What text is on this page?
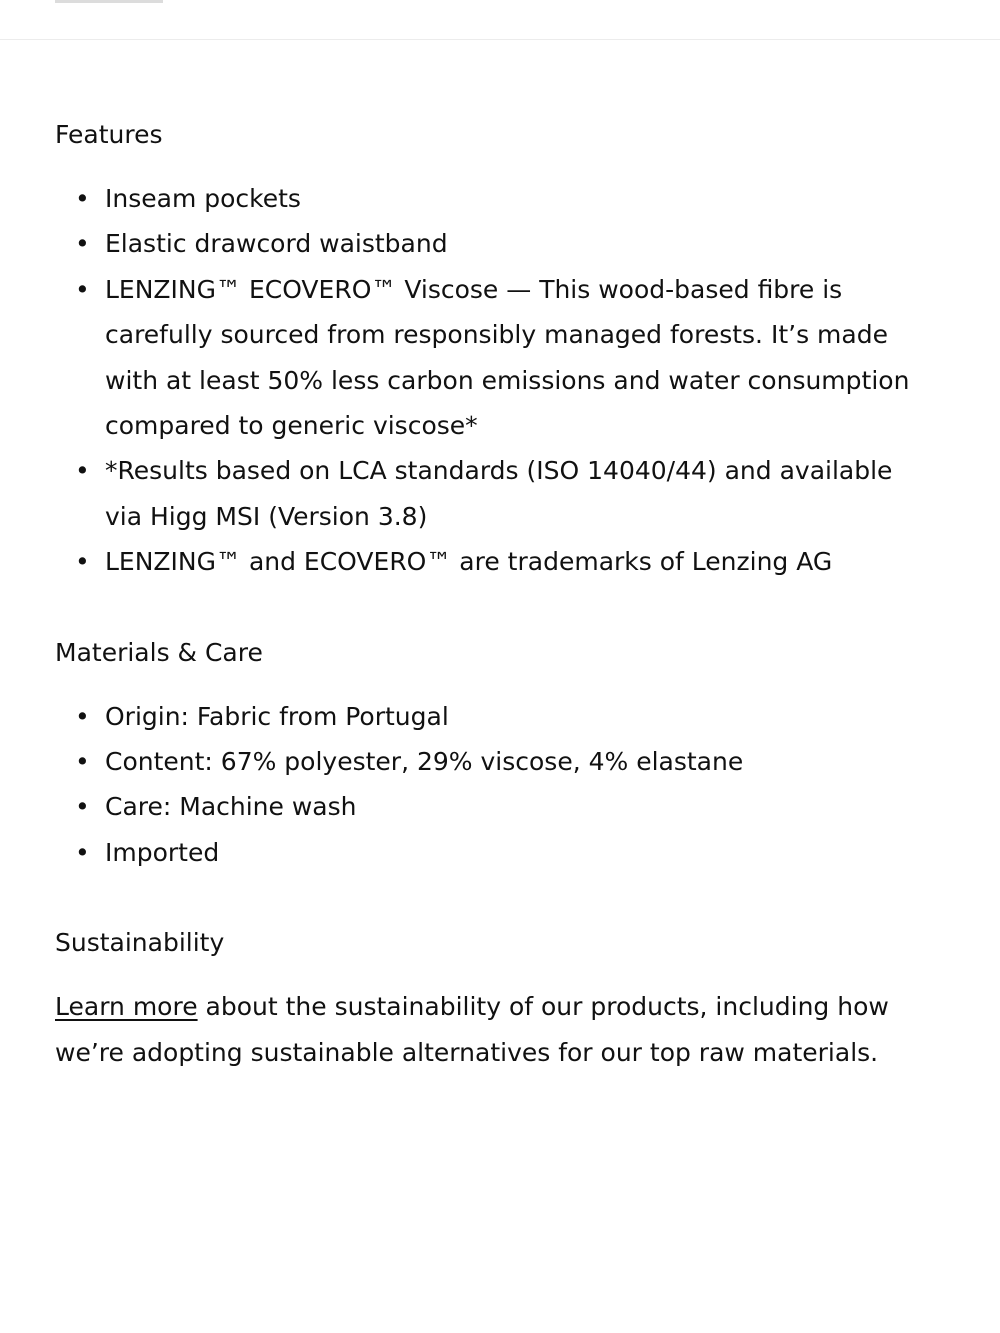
Features
• Inseam pockets
• Elastic drawcord waistband
• LENZING™ ECOVERO™ Viscose — This wood-based fibre is carefully sourced from responsibly managed forests. It’s made with at least 50% less carbon emissions and water consumption compared to generic viscose*
• *Results based on LCA standards (ISO 14040/44) and available via Higg MSI (Version 3.8)
• LENZING™ and ECOVERO™ are trademarks of Lenzing AG
Materials & Care
• Origin: Fabric from Portugal
• Content: 67% polyester, 29% viscose, 4% elastane
• Care: Machine wash
• Imported
Sustainability

Learn more about the sustainability of our products, including how we’re adopting sustainable alternatives for our top raw materials.
